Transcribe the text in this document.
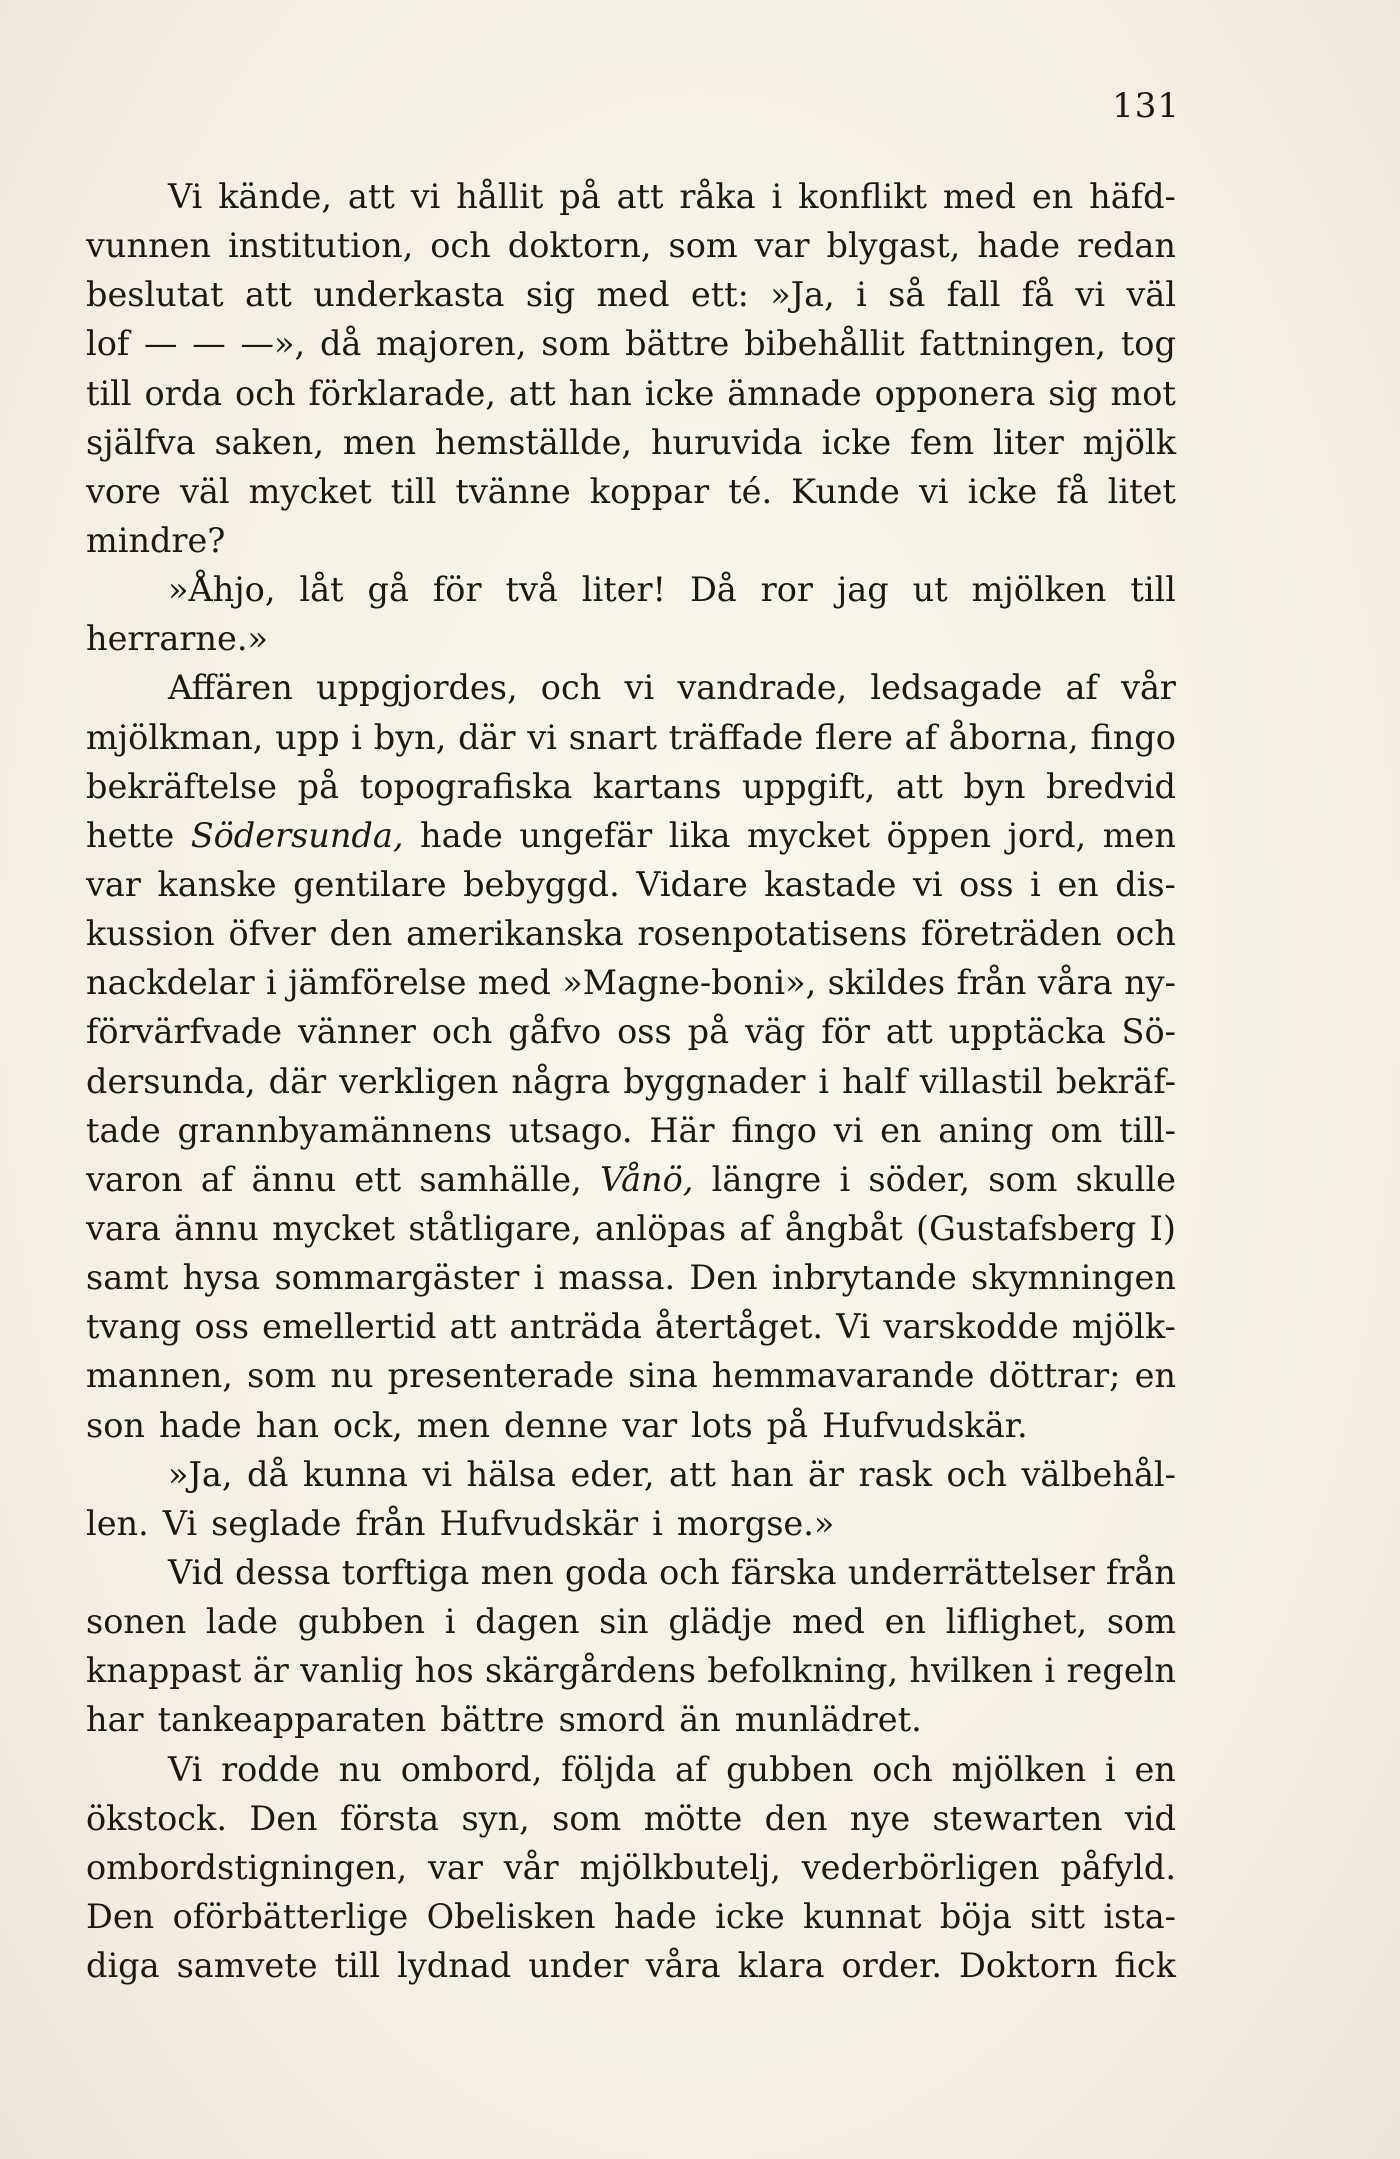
131
Vi kände, att vi hållit på att råka i konflikt med en häfd-
vunnen institution, och doktorn, som var blygast, hade redan
beslutat att underkasta sig med ett: »Ja, i så fall få vi väl
lof — — —», då majoren, som bättre bibehållit fattningen, tog
till orda och förklarade, att han icke ämnade opponera sig mot
själfva saken, men hemställde, huruvida icke fem liter mjölk
vore väl mycket till tvänne koppar té. Kunde vi icke få litet
mindre?
»Åhjo, låt gå för två liter! Då ror jag ut mjölken till
herrarne.»
Affären uppgjordes, och vi vandrade, ledsagade af vår
mjölkman, upp i byn, där vi snart träffade flere af åborna, fingo
bekräftelse på topografiska kartans uppgift, att byn bredvid
hette Södersunda, hade ungefär lika mycket öppen jord, men
var kanske gentilare bebyggd. Vidare kastade vi oss i en dis-
kussion öfver den amerikanska rosenpotatisens företräden och
nackdelar i jämförelse med »Magne-boni», skildes från våra ny-
förvärfvade vänner och gåfvo oss på väg för att upptäcka Sö-
dersunda, där verkligen några byggnader i half villastil bekräf-
tade grannbyamännens utsago. Här fingo vi en aning om till-
varon af ännu ett samhälle, Vånö, längre i söder, som skulle
vara ännu mycket ståtligare, anlöpas af ångbåt (Gustafsberg I)
samt hysa sommargäster i massa. Den inbrytande skymningen
tvang oss emellertid att anträda återtåget. Vi varskodde mjölk-
mannen, som nu presenterade sina hemmavarande döttrar; en
son hade han ock, men denne var lots på Hufvudskär.
»Ja, då kunna vi hälsa eder, att han är rask och välbehål-
len. Vi seglade från Hufvudskär i morgse.»
Vid dessa torftiga men goda och färska underrättelser från
sonen lade gubben i dagen sin glädje med en liflighet, som
knappast är vanlig hos skärgårdens befolkning, hvilken i regeln
har tankeapparaten bättre smord än munlädret.
Vi rodde nu ombord, följda af gubben och mjölken i en
ökstock. Den första syn, som mötte den nye stewarten vid
ombordstigningen, var vår mjölkbutelj, vederbörligen påfyld.
Den oförbätterlige Obelisken hade icke kunnat böja sitt ista-
diga samvete till lydnad under våra klara order. Doktorn fick
